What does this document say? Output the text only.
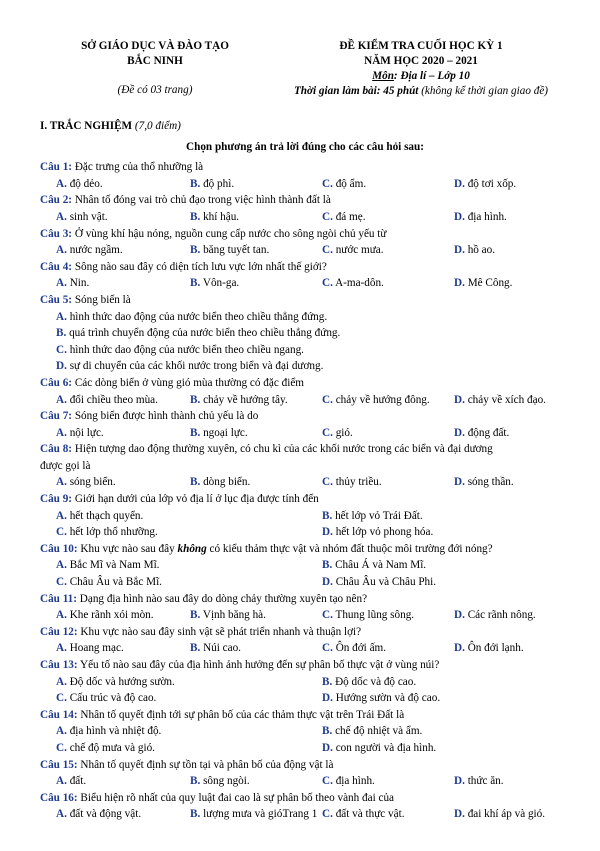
SỞ GIÁO DỤC VÀ ĐÀO TẠO
BẮC NINH
(Đề có 03 trang)
ĐỀ KIỂM TRA CUỐI HỌC KỲ 1
NĂM HỌC 2020 – 2021
Môn: Địa lí – Lớp 10
Thời gian làm bài: 45 phút (không kể thời gian giao đề)
I. TRẮC NGHIỆM (7,0 điểm)
Chọn phương án trả lời đúng cho các câu hỏi sau:
Câu 1: Đặc trưng của thổ nhưỡng là
A. độ dẻo.	B. độ phì.	C. độ ẩm.	D. độ tơi xốp.
Câu 2: Nhân tố đóng vai trò chủ đạo trong việc hình thành đất là
A. sinh vật.	B. khí hậu.	C. đá mẹ.	D. địa hình.
Câu 3: Ở vùng khí hậu nóng, nguồn cung cấp nước cho sông ngòi chủ yếu từ
A. nước ngầm.	B. băng tuyết tan.	C. nước mưa.	D. hồ ao.
Câu 4: Sông nào sau đây có diện tích lưu vực lớn nhất thế giới?
A. Nin.	B. Vôn-ga.	C. A-ma-dôn.	D. Mê Công.
Câu 5: Sóng biển là
A. hình thức dao động của nước biển theo chiều thẳng đứng.
B. quá trình chuyển động của nước biển theo chiều thẳng đứng.
C. hình thức dao động của nước biển theo chiều ngang.
D. sự di chuyển của các khối nước trong biển và đại dương.
Câu 6: Các dòng biển ở vùng gió mùa thường có đặc điểm
A. đổi chiều theo mùa.	B. chảy về hướng tây.	C. chảy về hướng đông. D. chảy về xích đạo.
Câu 7: Sóng biển được hình thành chủ yếu là do
A. nội lực.	B. ngoại lực.	C. gió.	D. động đất.
Câu 8: Hiện tượng dao động thường xuyên, có chu kì của các khối nước trong các biển và đại dương
được gọi là
A. sóng biển.	B. dòng biển.	C. thủy triều.	D. sóng thần.
Câu 9: Giới hạn dưới của lớp vỏ địa lí ở lục địa được tính đến
A. hết thạch quyển.	B. hết lớp vỏ Trái Đất.
C. hết lớp thổ nhưỡng.	D. hết lớp vỏ phong hóa.
Câu 10: Khu vực nào sau đây không có kiểu thảm thực vật và nhóm đất thuộc môi trường đới nóng?
A. Bắc Mĩ và Nam Mĩ.	B. Châu Á và Nam Mĩ.
C. Châu Âu và Bắc Mĩ.	D. Châu Âu và Châu Phi.
Câu 11: Dạng địa hình nào sau đây do dòng chảy thường xuyên tạo nên?
A. Khe rãnh xói mòn.	B. Vịnh băng hà.	C. Thung lũng sông.	D. Các rãnh nông.
Câu 12: Khu vực nào sau đây sinh vật sẽ phát triển nhanh và thuận lợi?
A. Hoang mạc.	B. Núi cao.	C. Ôn đới ấm.	D. Ôn đới lạnh.
Câu 13: Yếu tố nào sau đây của địa hình ảnh hưởng đến sự phân bố thực vật ở vùng núi?
A. Độ dốc và hướng sườn.	B. Độ dốc và độ cao.
C. Cấu trúc và độ cao.	D. Hướng sườn và độ cao.
Câu 14: Nhân tố quyết định tới sự phân bố của các thảm thực vật trên Trái Đất là
A. địa hình và nhiệt độ.	B. chế độ nhiệt và ẩm.
C. chế độ mưa và gió.	D. con người và địa hình.
Câu 15: Nhân tố quyết định sự tồn tại và phân bố của động vật là
A. đất.	B. sông ngòi.	C. địa hình.	D. thức ăn.
Câu 16: Biểu hiện rõ nhất của quy luật đai cao là sự phân bố theo vành đai của
A. đất và động vật.	B. lượng mưa và gió.	C. đất và thực vật.	D. đai khí áp và gió.
Trang 1
